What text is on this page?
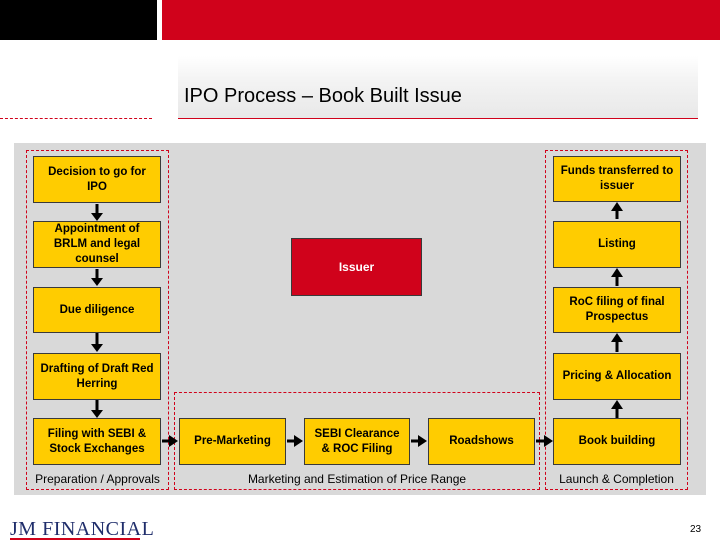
IPO Process – Book Built Issue
Decision to go for IPO
Appointment of BRLM and legal counsel
Due diligence
Drafting of Draft Red Herring
Filing with SEBI & Stock Exchanges
Pre-Marketing
SEBI Clearance & ROC Filing
Roadshows	Book building
Pricing & Allocation
RoC filing of final Prospectus
Listing
Funds transferred to issuer
Issuer
Preparation / Approvals	Marketing and Estimation of Price Range	Launch & Completion
JM FINANCIAL	23
